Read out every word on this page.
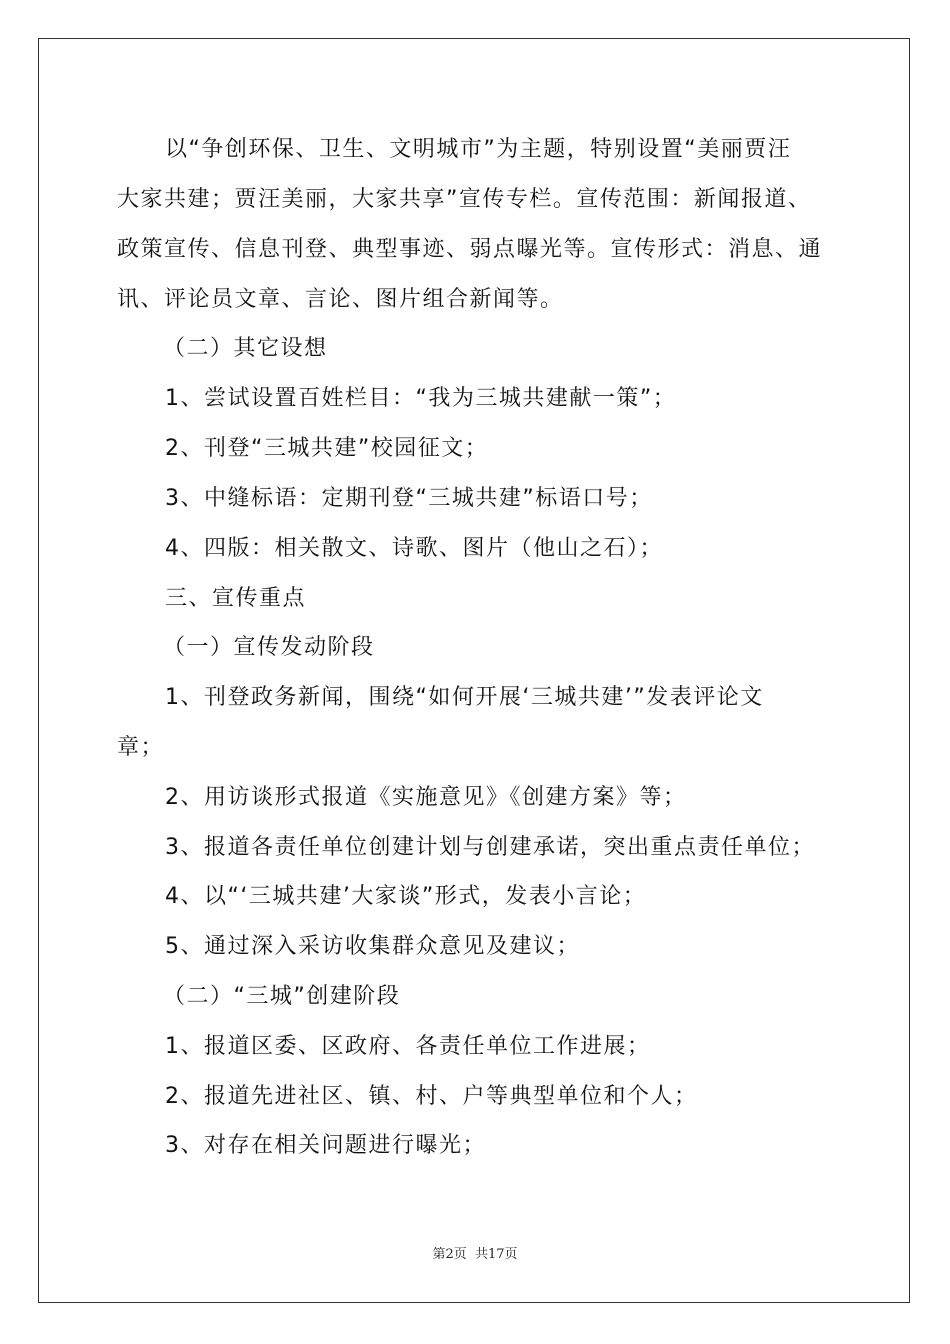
以“争创环保、卫生、文明城市”为主题，特别设置“美丽贾汪
大家共建；贾汪美丽，大家共享”宣传专栏。宣传范围：新闻报道、
政策宣传、信息刊登、典型事迹、弱点曝光等。宣传形式：消息、通
讯、评论员文章、言论、图片组合新闻等。
（二）其它设想
1、尝试设置百姓栏目：“我为三城共建献一策”；
2、刊登“三城共建”校园征文；
3、中缝标语：定期刊登“三城共建”标语口号；
4、四版：相关散文、诗歌、图片（他山之石）；
三、宣传重点
（一）宣传发动阶段
1、刊登政务新闻，围绕“如何开展‘三城共建’”发表评论文
章；
2、用访谈形式报道《实施意见》《创建方案》等；
3、报道各责任单位创建计划与创建承诺，突出重点责任单位；
4、以“‘三城共建’大家谈”形式，发表小言论；
5、通过深入采访收集群众意见及建议；
（二）“三城”创建阶段
1、报道区委、区政府、各责任单位工作进展；
2、报道先进社区、镇、村、户等典型单位和个人；
3、对存在相关问题进行曝光；
第2页 共17页
